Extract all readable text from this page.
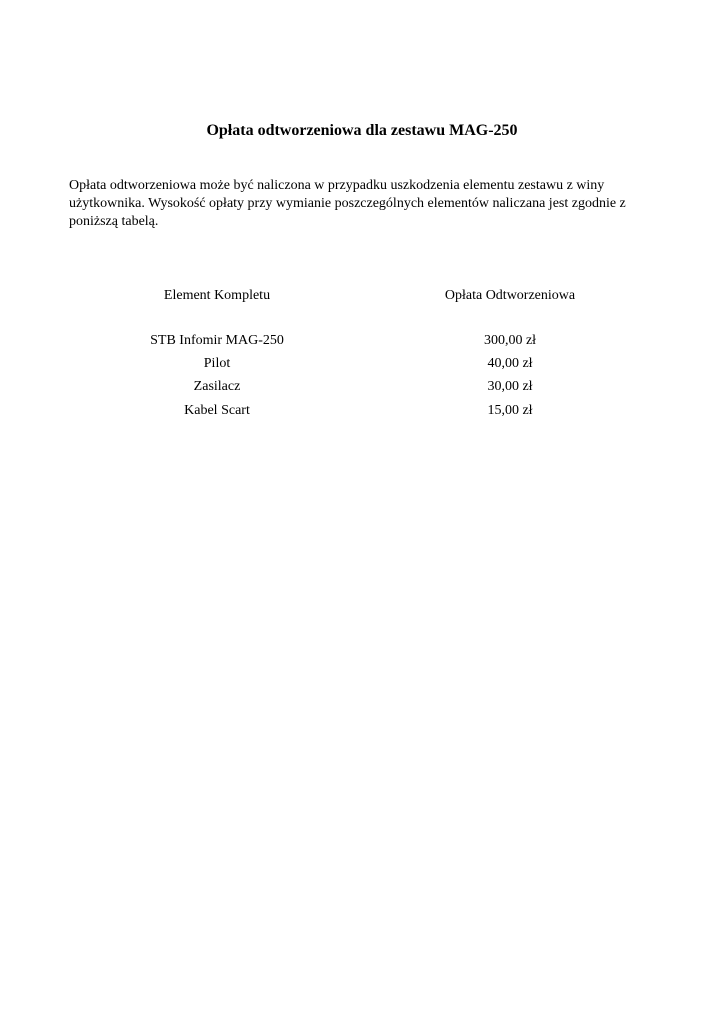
Opłata odtworzeniowa dla zestawu MAG-250
Opłata odtworzeniowa może być naliczona w przypadku uszkodzenia elementu zestawu z winy
użytkownika. Wysokość opłaty przy wymianie poszczególnych elementów naliczana jest zgodnie z
poniższą tabelą.
Element Kompletu	Opłata Odtworzeniowa
STB Infomir MAG-250	300,00 zł
Pilot	40,00 zł
Zasilacz	30,00 zł
Kabel Scart	15,00 zł
